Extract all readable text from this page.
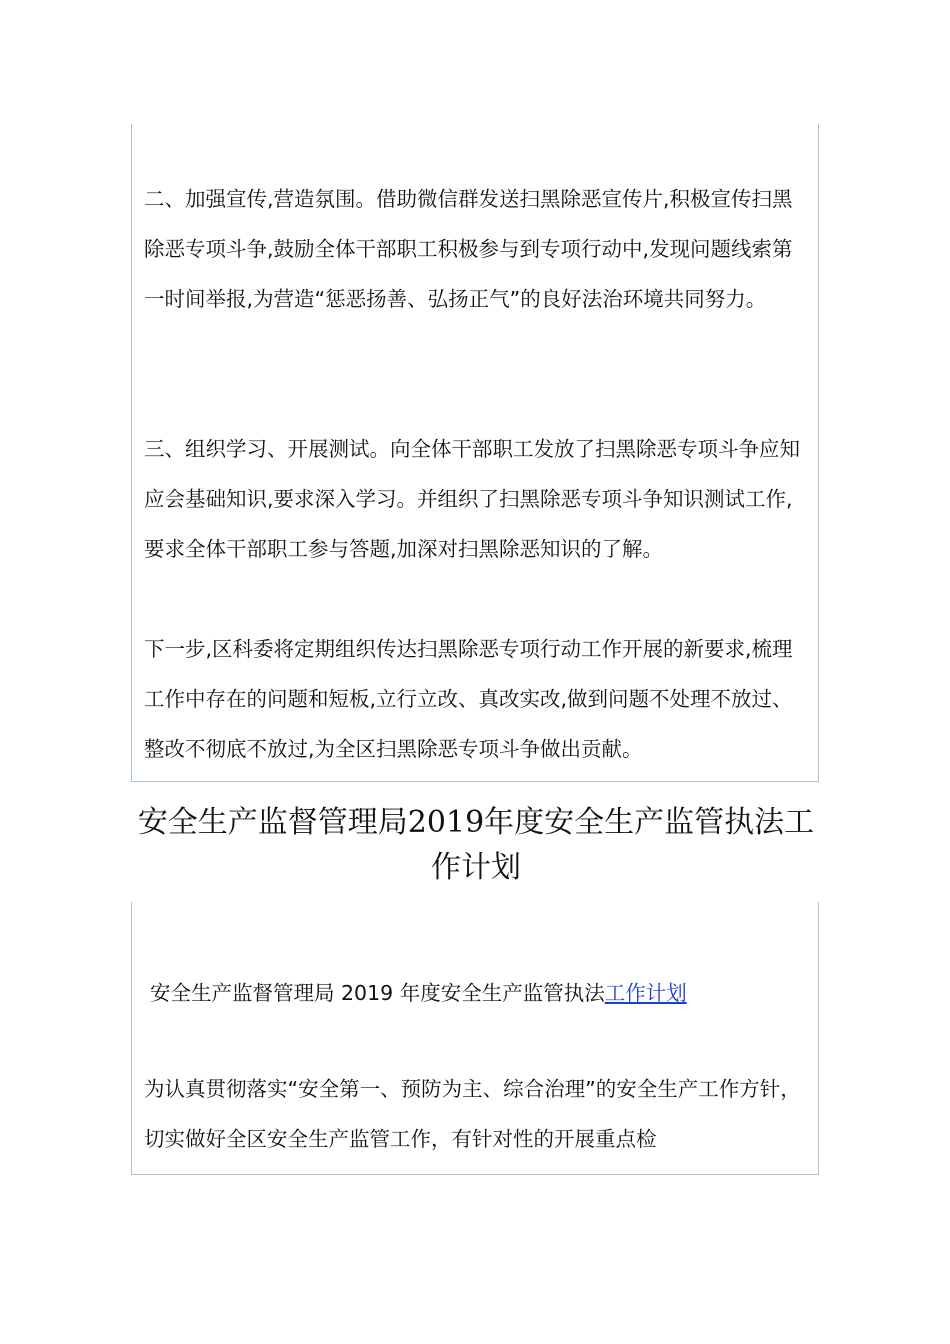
二、加强宣传,营造氛围。借助微信群发送扫黑除恶宣传片,积极宣传扫黑除恶专项斗争,鼓励全体干部职工积极参与到专项行动中,发现问题线索第一时间举报,为营造“惩恶扬善、弘扬正气”的良好法治环境共同努力。

三、组织学习、开展测试。向全体干部职工发放了扫黑除恶专项斗争应知应会基础知识,要求深入学习。并组织了扫黑除恶专项斗争知识测试工作,要求全体干部职工参与答题,加深对扫黑除恶知识的了解。

下一步,区科委将定期组织传达扫黑除恶专项行动工作开展的新要求,梳理工作中存在的问题和短板,立行立改、真改实改,做到问题不处理不放过、整改不彻底不放过,为全区扫黑除恶专项斗争做出贡献。

安全生产监督管理局2019年度安全生产监管执法工作计划

安全生产监督管理局 2019 年度安全生产监管执法工作计划

为认真贯彻落实“安全第一、预防为主、综合治理”的安全生产工作方针，切实做好全区安全生产监管工作，有针对性的开展重点检
